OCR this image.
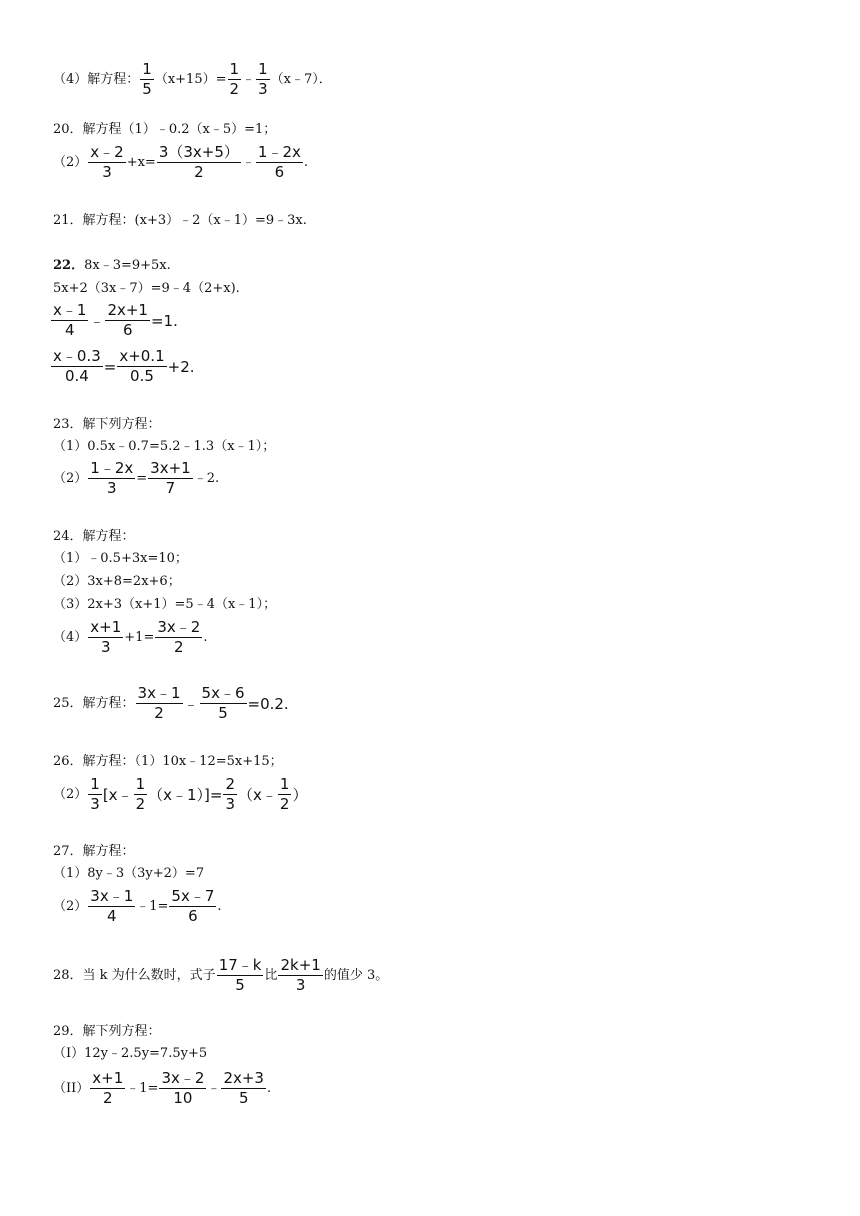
（4）解方程： $\frac{1}{5} (x+15)= \frac{1}{2}$ ﹣ $\frac{1}{3}$ （x﹣7）．
20．解方程（1）﹣0.2（x﹣5）=1；
$(2) \frac{x﹣2}{3} +x= \frac{3(3x+5)}{2}$ ﹣ $\frac{1﹣2x}{6}$ .
21．解方程：(x+3）﹣2（x﹣1）=9﹣3x.
22．8x﹣3=9+5x.
5x+2（3x﹣7）=9﹣4（2+x).
$\frac{x﹣1}{4}$ ﹣ $\frac{2x+1}{6} =1$.
$\frac{x﹣0.3}{0.4} = \frac{x+0.1}{0.5} +2$.
23．解下列方程：
（1）0.5x﹣0.7=5.2﹣1.3（x﹣1）；
$(2) \frac{1﹣2x}{3} = \frac{3x+1}{7}$ ﹣2.
24．解方程：
（1）﹣0.5+3x=10；
（2）3x+8=2x+6；
（3）2x+3（x+1）=5﹣4（x﹣1）；
$(4) \frac{x+1}{3} +1= \frac{3x﹣2}{2}$ .
25．解方程： $\frac{3x﹣1}{2}$ ﹣ $\frac{5x﹣6}{5} =0.2$.
26．解方程：（1）10x﹣12=5x+15；
$(2) \frac{1}{3}$ [x﹣ $\frac{1}{2}$ （x﹣1）]= $\frac{2}{3}$ （x﹣ $\frac{1}{2}$ ）
27．解方程：
（1）8y﹣3（3y+2）=7
$(2) \frac{3x﹣1}{4}$ ﹣1= $\frac{5x﹣7}{6}$ .
28．当 k 为什么数时，式子 $\frac{17﹣k}{5}$ 比 $\frac{2k+1}{3}$ 的值少 3。
29．解下列方程：
（I）12y﹣2.5y=7.5y+5
$(II) \frac{x+1}{2}$ ﹣1= $\frac{3x﹣2}{10}$ ﹣ $\frac{2x+3}{5}$ .
